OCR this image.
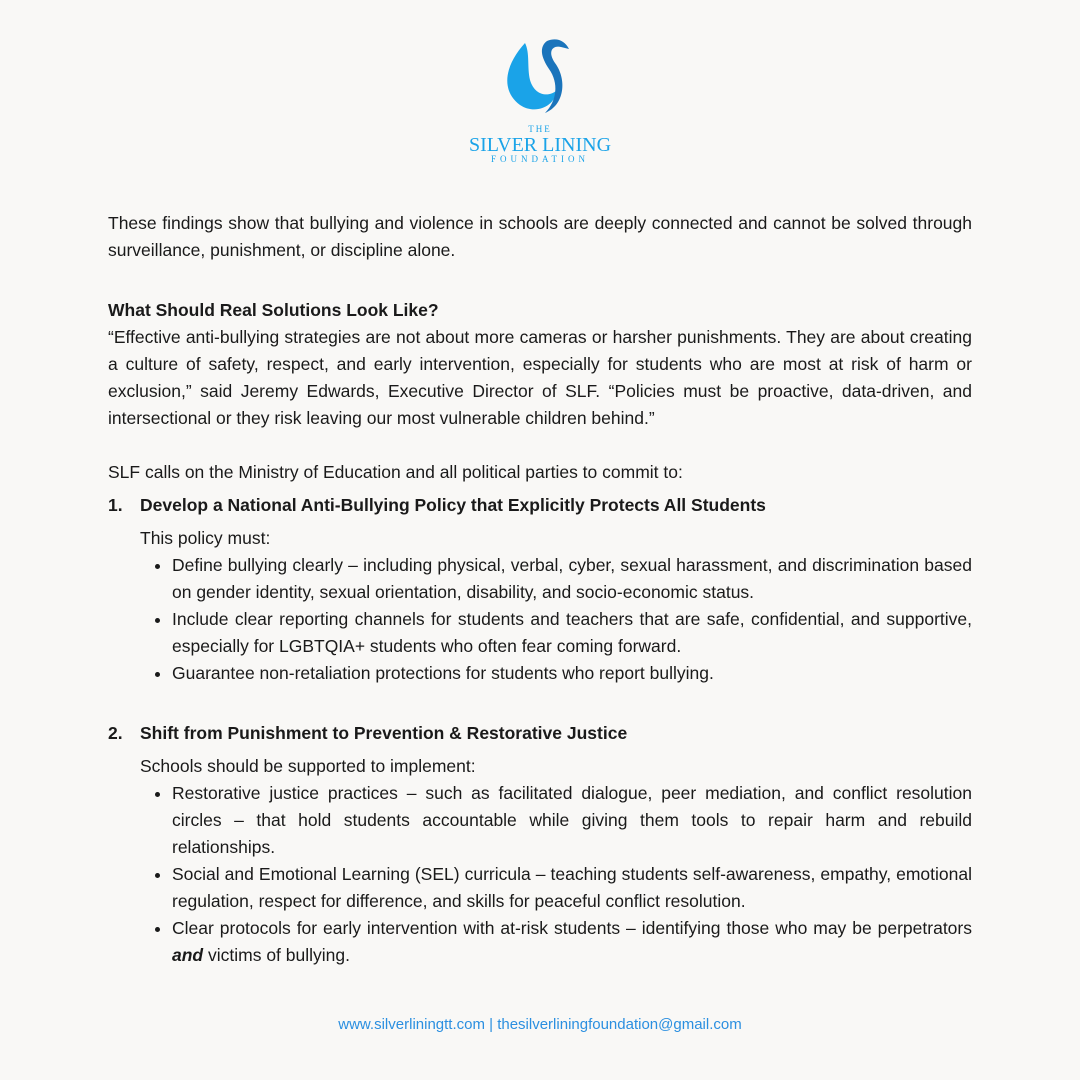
THE
SILVER LINING
FOUNDATION

These findings show that bullying and violence in schools are deeply connected and cannot be solved through surveillance, punishment, or discipline alone.

What Should Real Solutions Look Like?

“Effective anti-bullying strategies are not about more cameras or harsher punishments. They are about creating a culture of safety, respect, and early intervention, especially for students who are most at risk of harm or exclusion,” said Jeremy Edwards, Executive Director of SLF. “Policies must be proactive, data-driven, and intersectional or they risk leaving our most vulnerable children behind.”

SLF calls on the Ministry of Education and all political parties to commit to:

1. Develop a National Anti-Bullying Policy that Explicitly Protects All Students

This policy must:

• Define bullying clearly – including physical, verbal, cyber, sexual harassment, and discrimination based on gender identity, sexual orientation, disability, and socio-economic status.
• Include clear reporting channels for students and teachers that are safe, confidential, and supportive, especially for LGBTQIA+ students who often fear coming forward.
• Guarantee non-retaliation protections for students who report bullying.
2. Shift from Punishment to Prevention & Restorative Justice

Schools should be supported to implement:

• Restorative justice practices – such as facilitated dialogue, peer mediation, and conflict resolution circles – that hold students accountable while giving them tools to repair harm and rebuild relationships.
• Social and Emotional Learning (SEL) curricula – teaching students self-awareness, empathy, emotional regulation, respect for difference, and skills for peaceful conflict resolution.
• Clear protocols for early intervention with at-risk students – identifying those who may be perpetrators and victims of bullying.
www.silverliningtt.com | thesilverliningfoundation@gmail.com
